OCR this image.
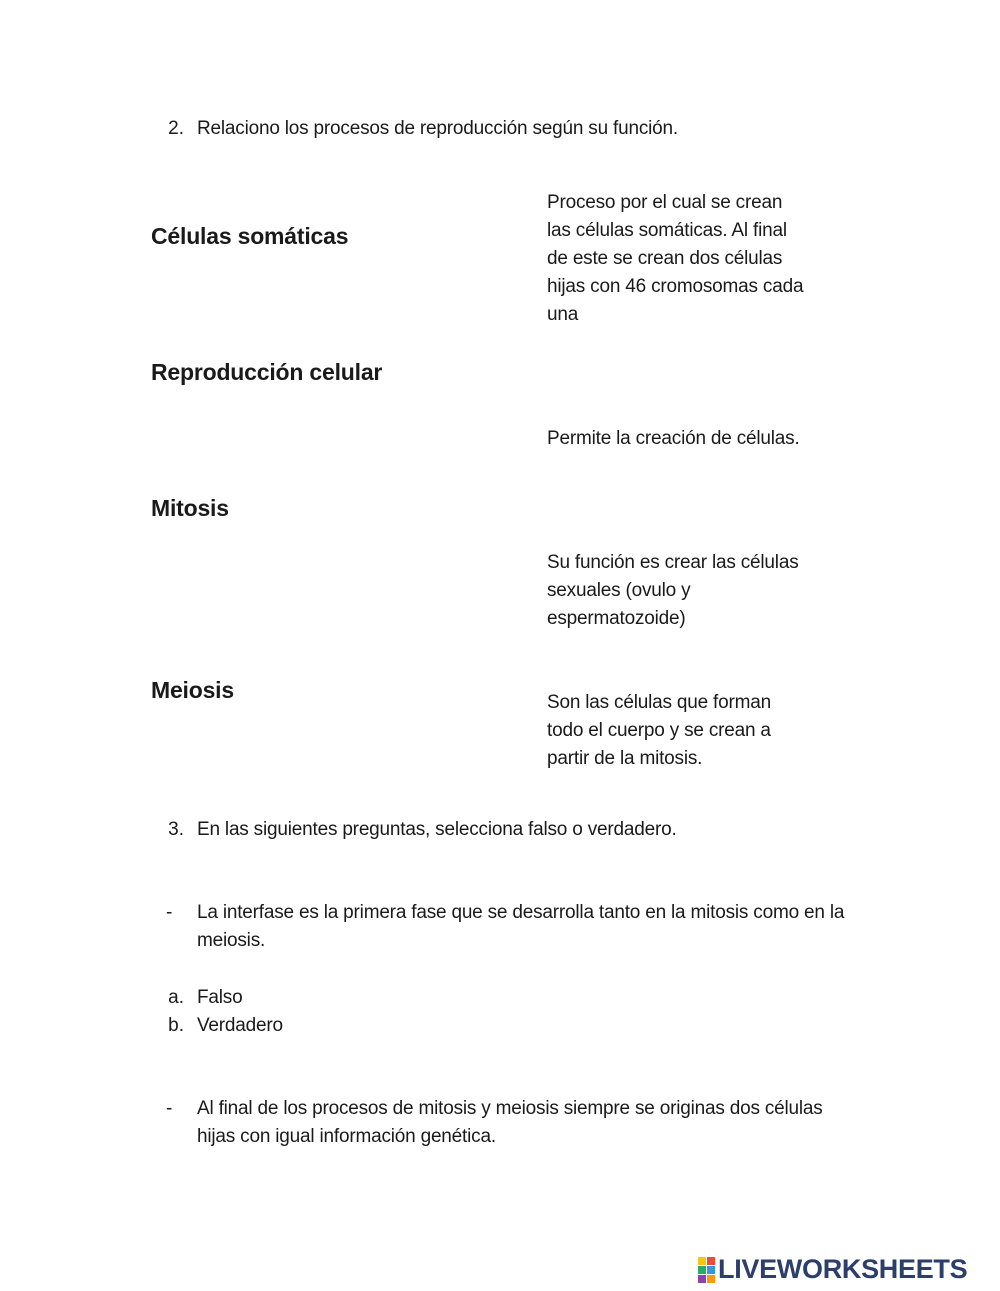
2. Relaciono los procesos de reproducción según su función.
Células somáticas
Reproducción celular
Mitosis
Meiosis
Proceso por el cual se crean
las células somáticas. Al final
de este se crean dos células
hijas con 46 cromosomas cada
una
Permite la creación de células.
Su función es crear las células
sexuales (ovulo y
espermatozoide)
Son las células que forman
todo el cuerpo y se crean a
partir de la mitosis.
3. En las siguientes preguntas, selecciona falso o verdadero.
- La interfase es la primera fase que se desarrolla tanto en la mitosis como en la
meiosis.
a. Falso
b. Verdadero
- Al final de los procesos de mitosis y meiosis siempre se originas dos células
hijas con igual información genética.
LIVEWORKSHEETS
